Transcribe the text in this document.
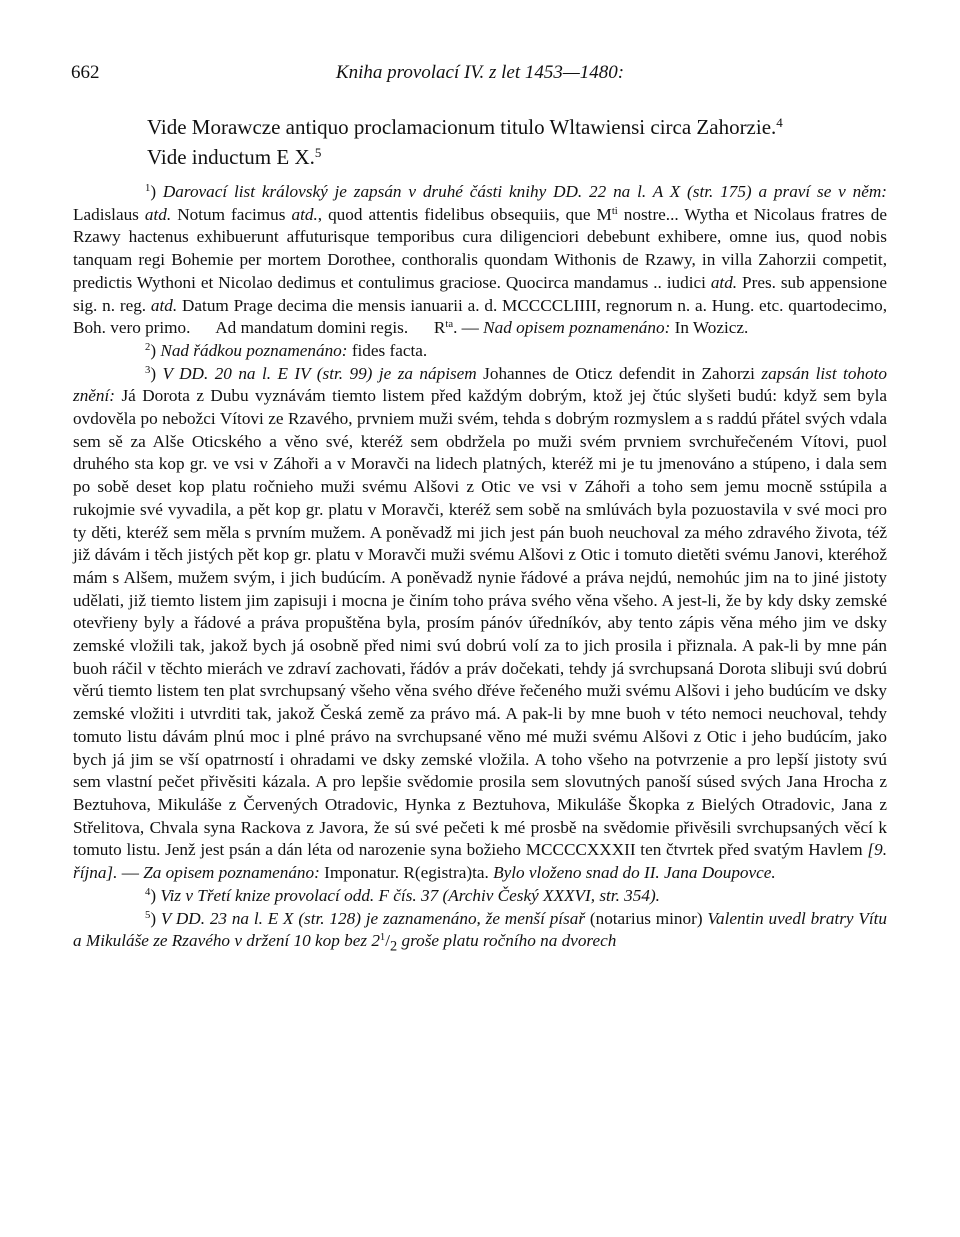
662	Kniha provolací IV. z let 1453—1480:

Vide Morawcze antiquo proclamacionum titulo Wltawiensi circa Zahorzie.$^4$

Vide inductum E X.$^5$

$^1$) Darovací list královský je zapsán v druhé části knihy DD. 22 na l. A X (str. 175) a praví se v něm: Ladislaus atd. Notum facimus atd., quod attentis fidelibus obsequiis, que $M^{ti}$ nostre... Wytha et Nicolaus fratres de Rzawy hactenus exhibuerunt affuturisque temporibus cura diligenciori debebunt exhibere, omne ius, quod nobis tanquam regi Bohemie per mortem Dorothee, conthoralis quondam Withonis de Rzawy, in villa Zahorzii competit, predictis Wythoni et Nicolao dedimus et contulimus graciose. Quocirca mandamus .. iudici atd. Pres. sub appensione sig. n. reg. atd. Datum Prage decima die mensis ianuarii a. d. MCCCCLIIII, regnorum n. a. Hung. etc. quartodecimo, Boh. vero primo.      Ad mandatum domini regis.      $R^{ta}$. — Nad opisem poznamenáno: In Wozicz.

$^2$) Nad řádkou poznamenáno: fides facta.

$^3$) V DD. 20 na l. E IV (str. 99) je za nápisem Johannes de Oticz defendit in Zahorzi zapsán list tohoto znění: Já Dorota z Dubu vyznávám tiemto listem před každým dobrým, ktož jej čtúc slyšeti budú: když sem byla ovdověla po nebožci Vítovi ze Rzavého, prvniem muži svém, tehda s dobrým rozmyslem a s raddú přátel svých vdala sem sě za Alše Oticského a věno své, kteréž sem obdržela po muži svém prvniem svrchuřečeném Vítovi, puol druhého sta kop gr. ve vsi v Záhoři a v Moravči na lidech platných, kteréž mi je tu jmenováno a stúpeno, i dala sem po sobě deset kop platu ročnieho muži svému Alšovi z Otic ve vsi v Záhoři a toho sem jemu mocně sstúpila a rukojmie své vyvadila, a pět kop gr. platu v Moravči, kteréž sem sobě na smlúvách byla pozuostavila v své moci pro ty děti, kteréž sem měla s prvním mužem. A poněvadž mi jich jest pán buoh neuchoval za mého zdravého života, též již dávám i těch jistých pět kop gr. platu v Moravči muži svému Alšovi z Otic i tomuto dietěti svému Janovi, kteréhož mám s Alšem, mužem svým, i jich budúcím. A poněvadž nynie řádové a práva nejdú, nemohúc jim na to jiné jistoty udělati, již tiemto listem jim zapisuji i mocna je činím toho práva svého věna všeho. A jest-li, že by kdy dsky zemské otevřieny byly a řádové a práva propuštěna byla, prosím pánóv úředníkóv, aby tento zápis věna mého jim ve dsky zemské vložili tak, jakož bych já osobně před nimi svú dobrú volí za to jich prosila i přiznala. A pak-li by mne pán buoh ráčil v těchto mierách ve zdraví zachovati, řádóv a práv dočekati, tehdy já svrchupsaná Dorota slibuji svú dobrú věrú tiemto listem ten plat svrchupsaný všeho věna svého dřéve řečeného muži svému Alšovi i jeho budúcím ve dsky zemské vložiti i utvrditi tak, jakož Česká země za právo má. A pak-li by mne buoh v této nemoci neuchoval, tehdy tomuto listu dávám plnú moc i plné právo na svrchupsané věno mé muži svému Alšovi z Otic i jeho budúcím, jako bych já jim se vší opatrností i ohradami ve dsky zemské vložila. A toho všeho na potvrzenie a pro lepší jistoty svú sem vlastní pečet přivěsiti kázala. A pro lepšie svědomie prosila sem slovutných panoší súsed svých Jana Hrocha z Beztuhova, Mikuláše z Červených Otradovic, Hynka z Beztuhova, Mikuláše Škopka z Bielých Otradovic, Jana z Střelitova, Chvala syna Rackova z Javora, že sú své pečeti k mé prosbě na svědomie přivěsili svrchupsaných věcí k tomuto listu. Jenž jest psán a dán léta od narozenie syna božieho MCCCCXXXII ten čtvrtek před svatým Havlem [9. října]. — Za opisem poznamenáno: Imponatur. R(egistra)ta. Bylo vloženo snad do II. Jana Doupovce.

$^4$) Viz v Třetí knize provolací odd. F čís. 37 (Archiv Český XXXVI, str. 354).

$^5$) V DD. 23 na l. E X (str. 128) je zaznamenáno, že menší písař (notarius minor) Valentin uvedl bratry Vítu a Mikuláše ze Rzavého v držení 10 kop bez $2^1/_2$ groše platu ročního na dvorech
